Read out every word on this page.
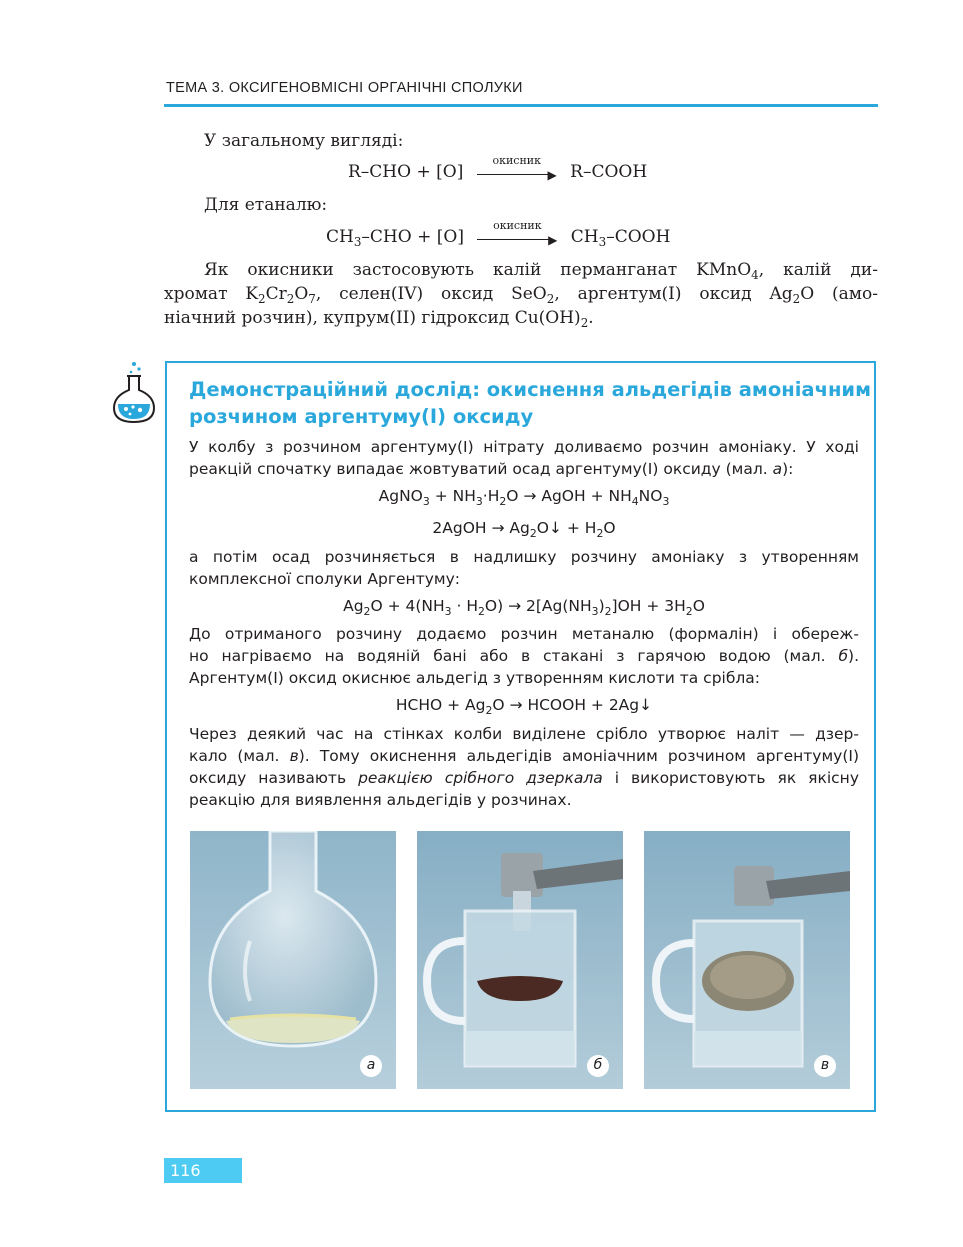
ТЕМА 3. ОКСИГЕНОВМІСНІ ОРГАНІЧНІ СПОЛУКИ
У загальному вигляді:
R–CHO + [O]
окисник
▶ R–COOH
Для етаналю:
$CH_3$–CHO + [O]
окисник
▶ $CH_3$–COOH
Як окисники застосовують калій перманганат KMnO$_4$, калій ди-
хромат $K_2Cr_2O_7$, селен(IV) оксид SeO$_2$, аргентум(I) оксид $Ag_2O$ (амо-
ніачний розчин), купрум(II) гідроксид $Cu(OH)_2$.
Демонстраційний дослід: окиснення альдегідів амоніачним
розчином аргентуму(І) оксиду
У колбу з розчином аргентуму(І) нітрату доливаємо розчин амоніаку. У ході
реакцій спочатку випадає жовтуватий осад аргентуму(І) оксиду (мал. а):
AgNO$_3$ + $NH_3\cdot H_2O$ → AgOH + $NH_4NO_3$
2AgOH → $Ag_2O↓ + H_2O$
а потім осад розчиняється в надлишку розчину амоніаку з утворенням
комплексної сполуки Аргентуму:
$Ag_2O + 4(NH_3 \cdot H_2O) \to 2[Ag(NH_3)_2]OH + 3H_2O$
До отриманого розчину додаємо розчин метаналю (формалін) і обереж-
но нагріваємо на водяній бані або в стакані з гарячою водою (мал. б).
Аргентум(І) оксид окиснює альдегід з утворенням кислоти та срібла:
HCHO + $Ag_2O$ → HCOOH + 2Ag↓
Через деякий час на стінках колби виділене срібло утворює наліт — дзер-
кало (мал. в). Тому окиснення альдегідів амоніачним розчином аргентуму(І)
оксиду називають реакцією срібного дзеркала і використовують як якісну
реакцію для виявлення альдегідів у розчинах.
а	б	в
116
